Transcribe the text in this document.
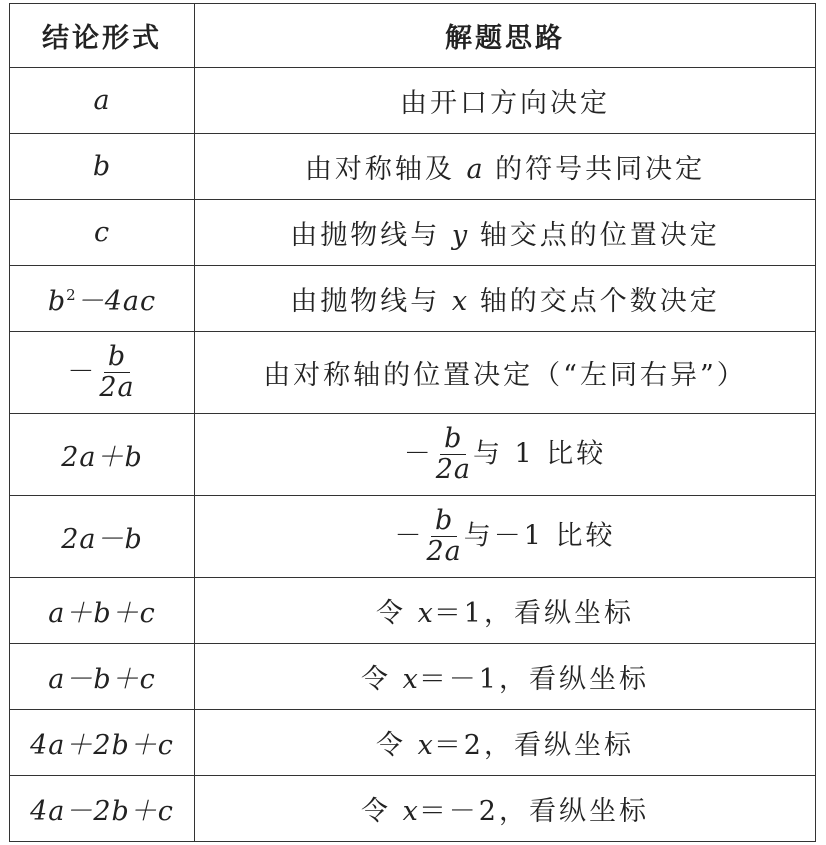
结论形式	解题思路
a	由开口方向决定
b	由对称轴及 a 的符号共同决定
c	由抛物线与 y 轴交点的位置决定
$b^2-4ac$	由抛物线与 x 轴的交点个数决定
－ $\frac{b}{2a}$	由对称轴的位置决定（“左同右异”）
2a＋b	－ $\frac{b}{2a}$ 与 1 比较
2a－b	－ $\frac{b}{2a}$ 与－1 比较
a＋b＋c	令 x＝1，看纵坐标
a－b＋c	令 x＝－1，看纵坐标
4a＋2b＋c	令 x＝2，看纵坐标
4a－2b＋c	令 x＝－2，看纵坐标
